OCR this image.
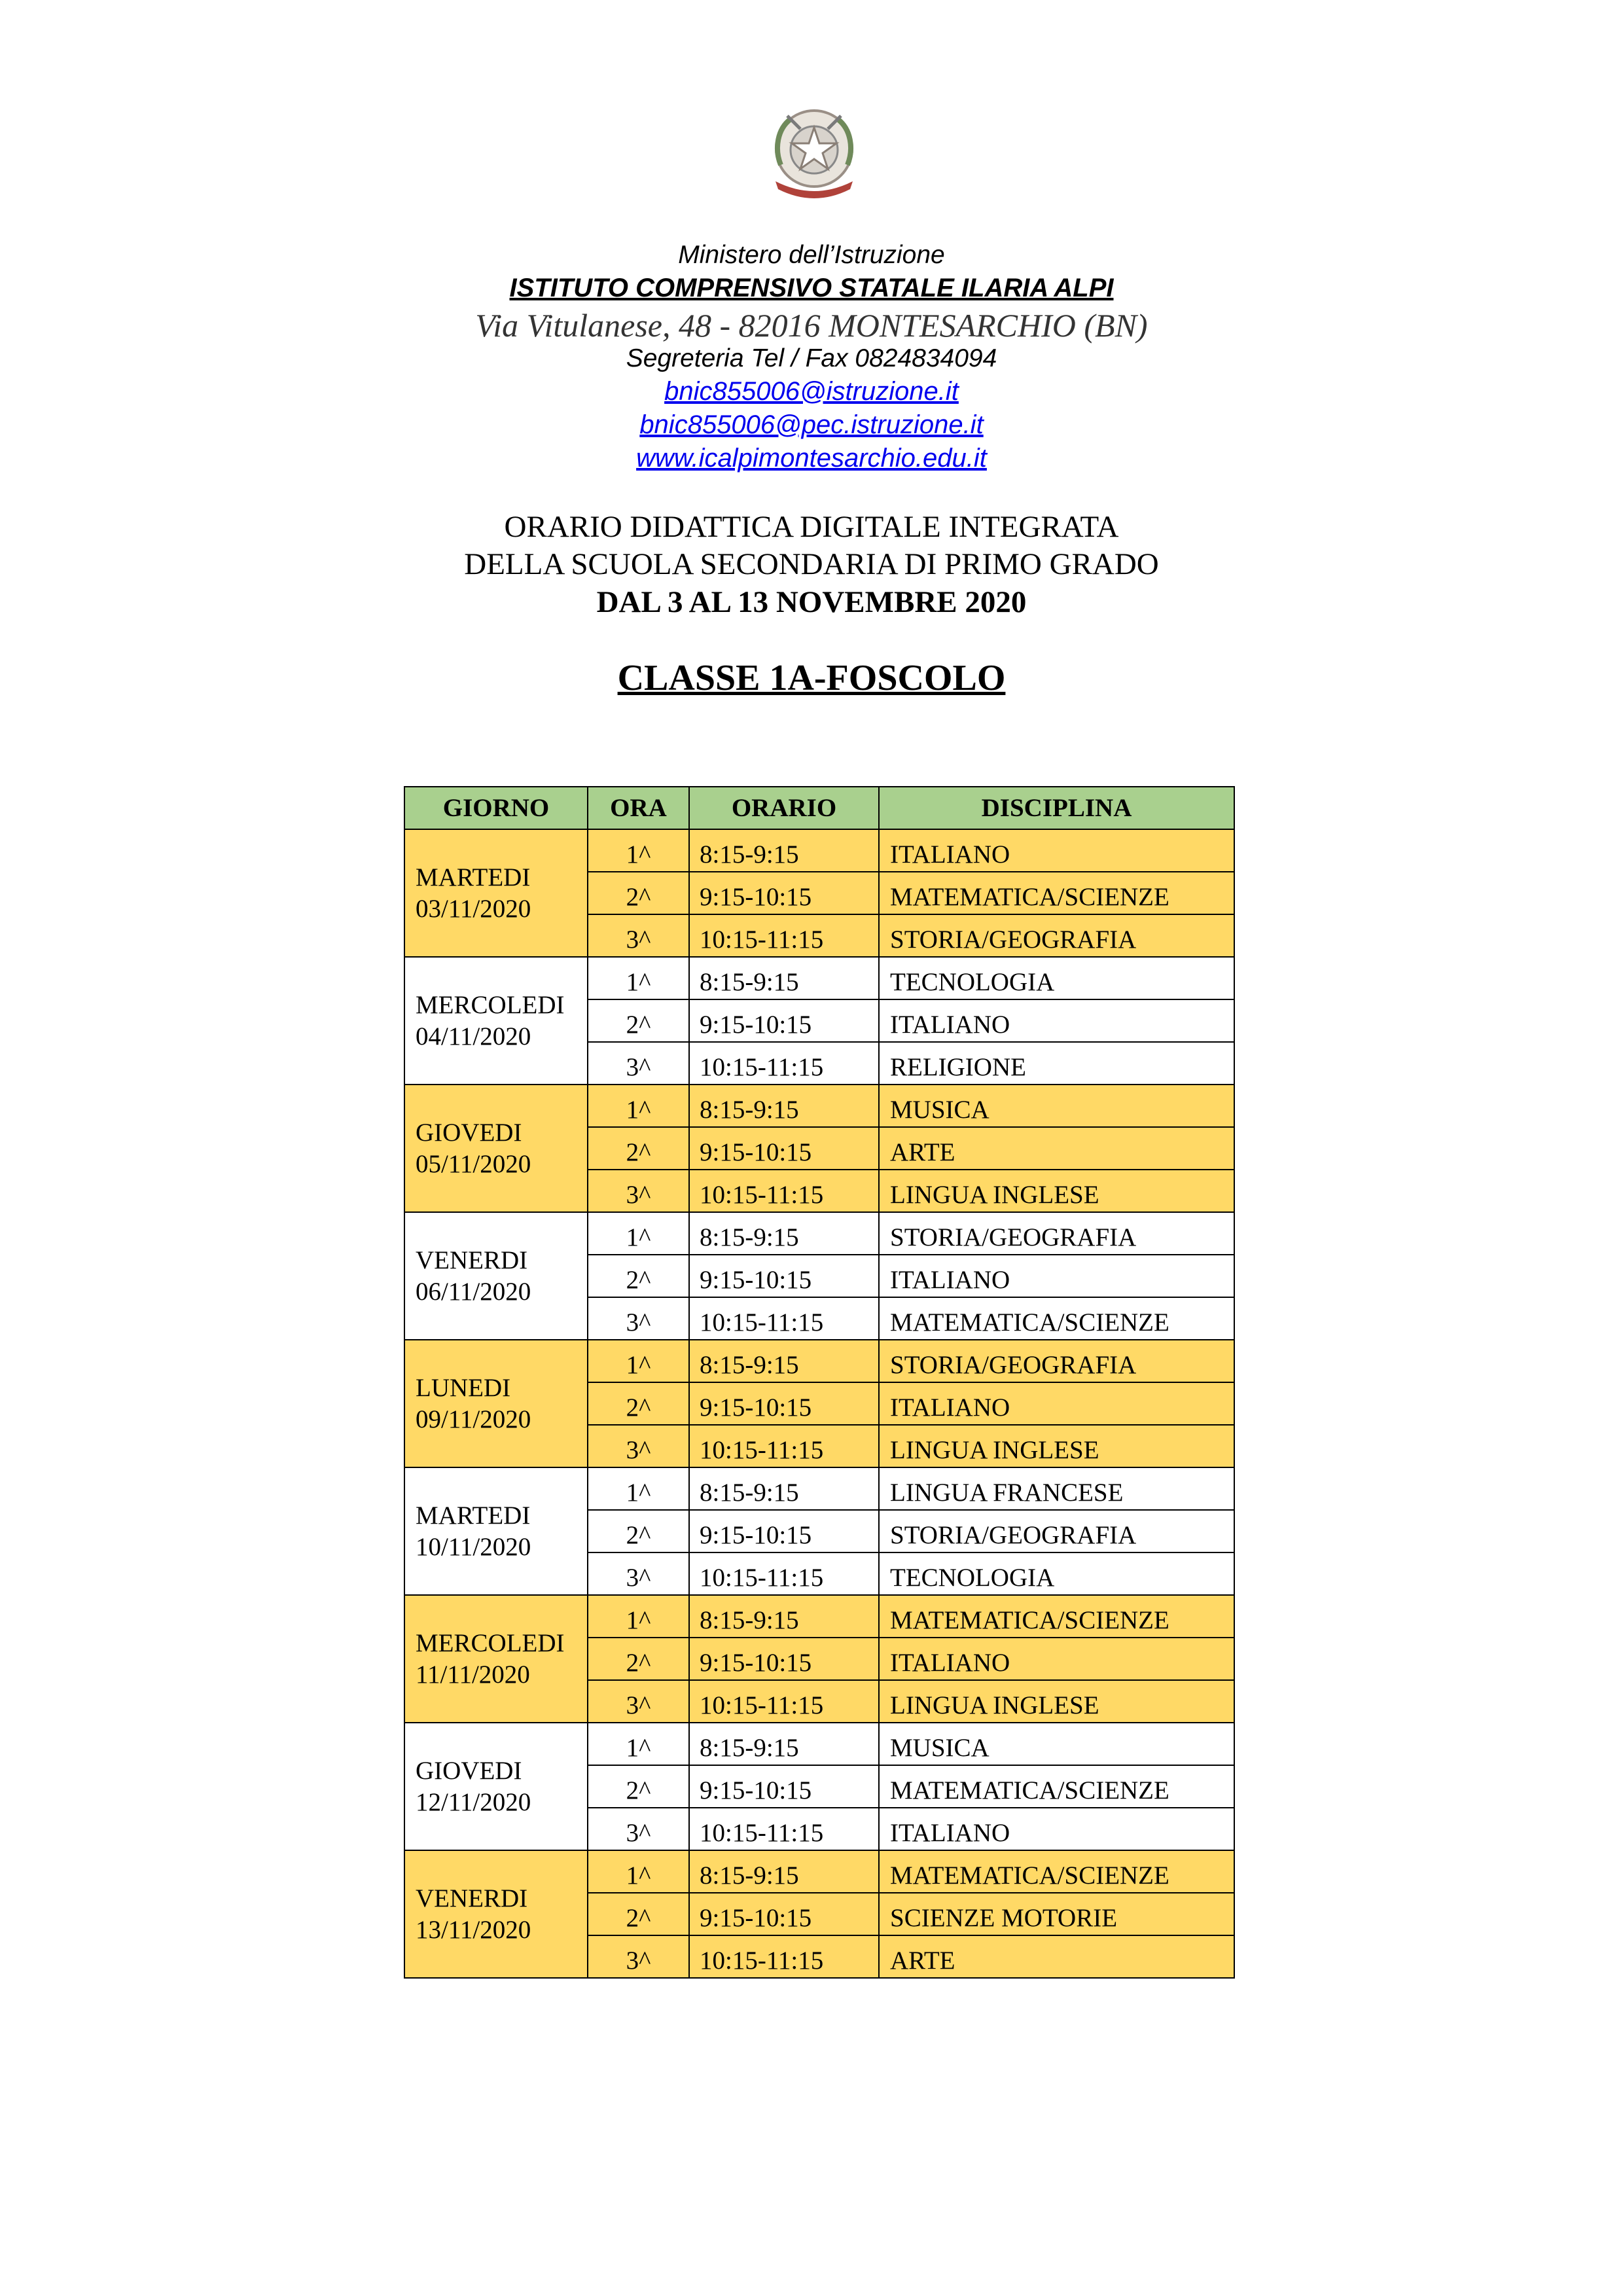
Ministero dell’Istruzione
ISTITUTO COMPRENSIVO STATALE ILARIA ALPI
Via Vitulanese, 48 - 82016 MONTESARCHIO (BN)
Segreteria Tel / Fax 0824834094
bnic855006@istruzione.it
bnic855006@pec.istruzione.it
www.icalpimontesarchio.edu.it
ORARIO DIDATTICA DIGITALE INTEGRATA
DELLA SCUOLA SECONDARIA DI PRIMO GRADO
DAL 3 AL 13 NOVEMBRE 2020
CLASSE 1A-FOSCOLO
GIORNO	ORA	ORARIO	DISCIPLINA

MARTEDI
03/11/2020	1^	8:15-9:15	ITALIANO
	2^	9:15-10:15	MATEMATICA/SCIENZE
	3^	10:15-11:15	STORIA/GEOGRAFIA

MERCOLEDI
04/11/2020	1^	8:15-9:15	TECNOLOGIA
	2^	9:15-10:15	ITALIANO
	3^	10:15-11:15	RELIGIONE

GIOVEDI
05/11/2020	1^	8:15-9:15	MUSICA
	2^	9:15-10:15	ARTE
	3^	10:15-11:15	LINGUA INGLESE

VENERDI
06/11/2020	1^	8:15-9:15	STORIA/GEOGRAFIA
	2^	9:15-10:15	ITALIANO
	3^	10:15-11:15	MATEMATICA/SCIENZE

LUNEDI
09/11/2020	1^	8:15-9:15	STORIA/GEOGRAFIA
	2^	9:15-10:15	ITALIANO
	3^	10:15-11:15	LINGUA INGLESE

MARTEDI
10/11/2020	1^	8:15-9:15	LINGUA FRANCESE
	2^	9:15-10:15	STORIA/GEOGRAFIA
	3^	10:15-11:15	TECNOLOGIA

MERCOLEDI
11/11/2020	1^	8:15-9:15	MATEMATICA/SCIENZE
	2^	9:15-10:15	ITALIANO
	3^	10:15-11:15	LINGUA INGLESE

GIOVEDI
12/11/2020	1^	8:15-9:15	MUSICA
	2^	9:15-10:15	MATEMATICA/SCIENZE
	3^	10:15-11:15	ITALIANO

VENERDI
13/11/2020	1^	8:15-9:15	MATEMATICA/SCIENZE
	2^	9:15-10:15	SCIENZE MOTORIE
	3^	10:15-11:15	ARTE
